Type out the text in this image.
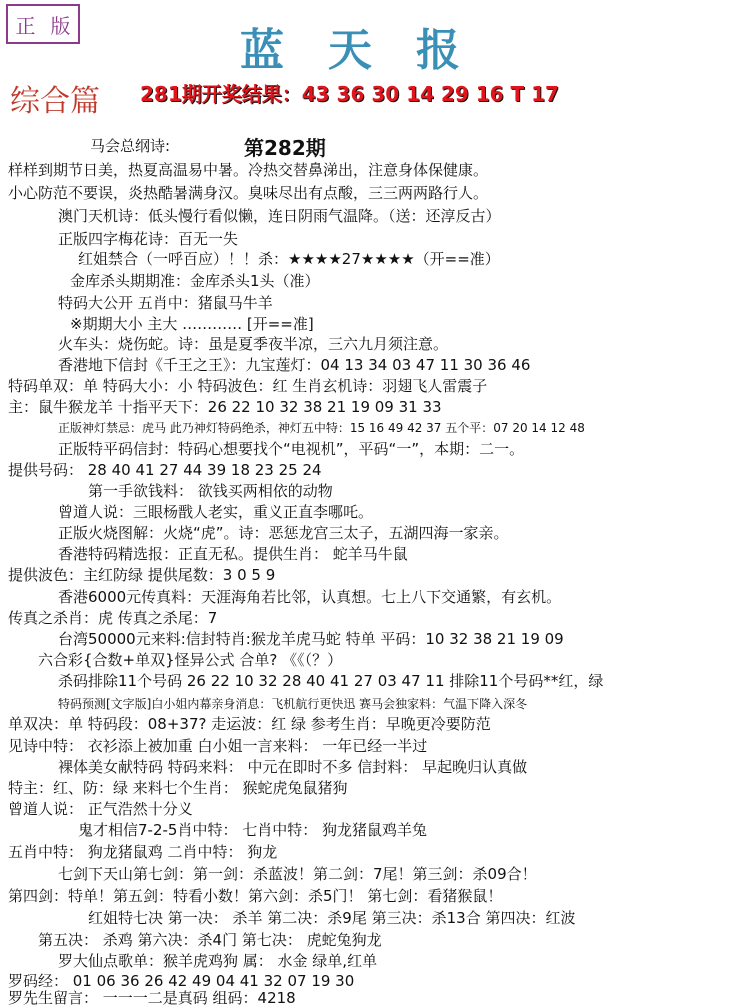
正 版	蓝天报
综合篇 281期开奖结果：43 36 30 14 29 16 T 17
第282期
马会总纲诗:
样样到期节日美，热夏高温易中暑。冷热交替鼻涕出，注意身体保健康。
小心防范不要误，炎热酷暑满身汉。臭味尽出有点酸，三三两两路行人。
澳门天机诗：低头慢行看似懒，连日阴雨气温降。（送：还淳反古）
正版四字梅花诗：百无一失
红姐禁合（一呼百应）！！杀：★★★★27★★★★（开==准）
金库杀头期期准：金库杀头1头（准）
特码大公开 五肖中：猪鼠马牛羊
※期期大小 主大 ………… [开==准]
火车头：烧伤蛇。诗：虽是夏季夜半凉，三六九月须注意。
香港地下信封《千王之王》：九宝莲灯：04 13 34 03 47 11 30 36 46
特码单双：单 特码大小：小 特码波色：红 生肖玄机诗：羽翅飞人雷震子
主：鼠牛猴龙羊 十指平天下：26 22 10 32 38 21 19 09 31 33
正版神灯禁忌：虎马 此乃神灯特码绝杀，神灯五中特：15 16 49 42 37 五个平：07 20 14 12 48
正版特平码信封：特码心想要找个“电视机”，平码“一”，本期：二一。
提供号码： 28 40 41 27 44 39 18 23 25 24
第一手欲钱料： 欲钱买两相依的动物
曾道人说：三眼杨戬人老实，重义正直李哪吒。
正版火烧图解：火烧“虎”。诗：恶惩龙宫三太子，五湖四海一家亲。
香港特码精选报：正直无私。提供生肖： 蛇羊马牛鼠
提供波色：主红防绿 提供尾数：3 0 5 9
香港6000元传真料：天涯海角若比邻，认真想。七上八下交通繁，有玄机。
传真之杀肖：虎 传真之杀尾：7
台湾50000元来料:信封特肖:猴龙羊虎马蛇 特单 平码：10 32 38 21 19 09
六合彩{合数+单双}怪异公式 合单? 《《（？）
杀码排除11个号码 26 22 10 32 28 40 41 27 03 47 11 排除11个号码**红，绿
特码预测[文字版]白小姐内幕亲身消息：飞机航行更快迅 赛马会独家料：气温下降入深冬
单双决：单 特码段：08+37? 走运波：红 绿 参考生肖：早晚更冷要防范
见诗中特： 衣衫添上被加重 白小姐一言来料： 一年已经一半过
裸体美女献特码 特码来料： 中元在即时不多 信封料： 早起晚归认真做
特主：红、防：绿 来料七个生肖： 猴蛇虎兔鼠猪狗
曾道人说： 正气浩然十分义
鬼才相信7-2-5肖中特： 七肖中特： 狗龙猪鼠鸡羊兔
五肖中特： 狗龙猪鼠鸡 二肖中特： 狗龙
七剑下天山第七剑：第一剑：杀蓝波！第二剑：7尾！第三剑：杀09合！
第四剑：特单！第五剑：特看小数！第六剑：杀5门！ 第七剑：看猪猴鼠！
红姐特七决 第一决： 杀羊 第二决：杀9尾 第三决：杀13合 第四决：红波
第五决： 杀鸡 第六决：杀4门 第七决： 虎蛇兔狗龙
罗大仙点歌单：猴羊虎鸡狗 属： 水金 绿单,红单
罗码经： 01 06 36 26 42 49 04 41 32 07 19 30
罗先生留言： 一一一二是真码 组码：4218
